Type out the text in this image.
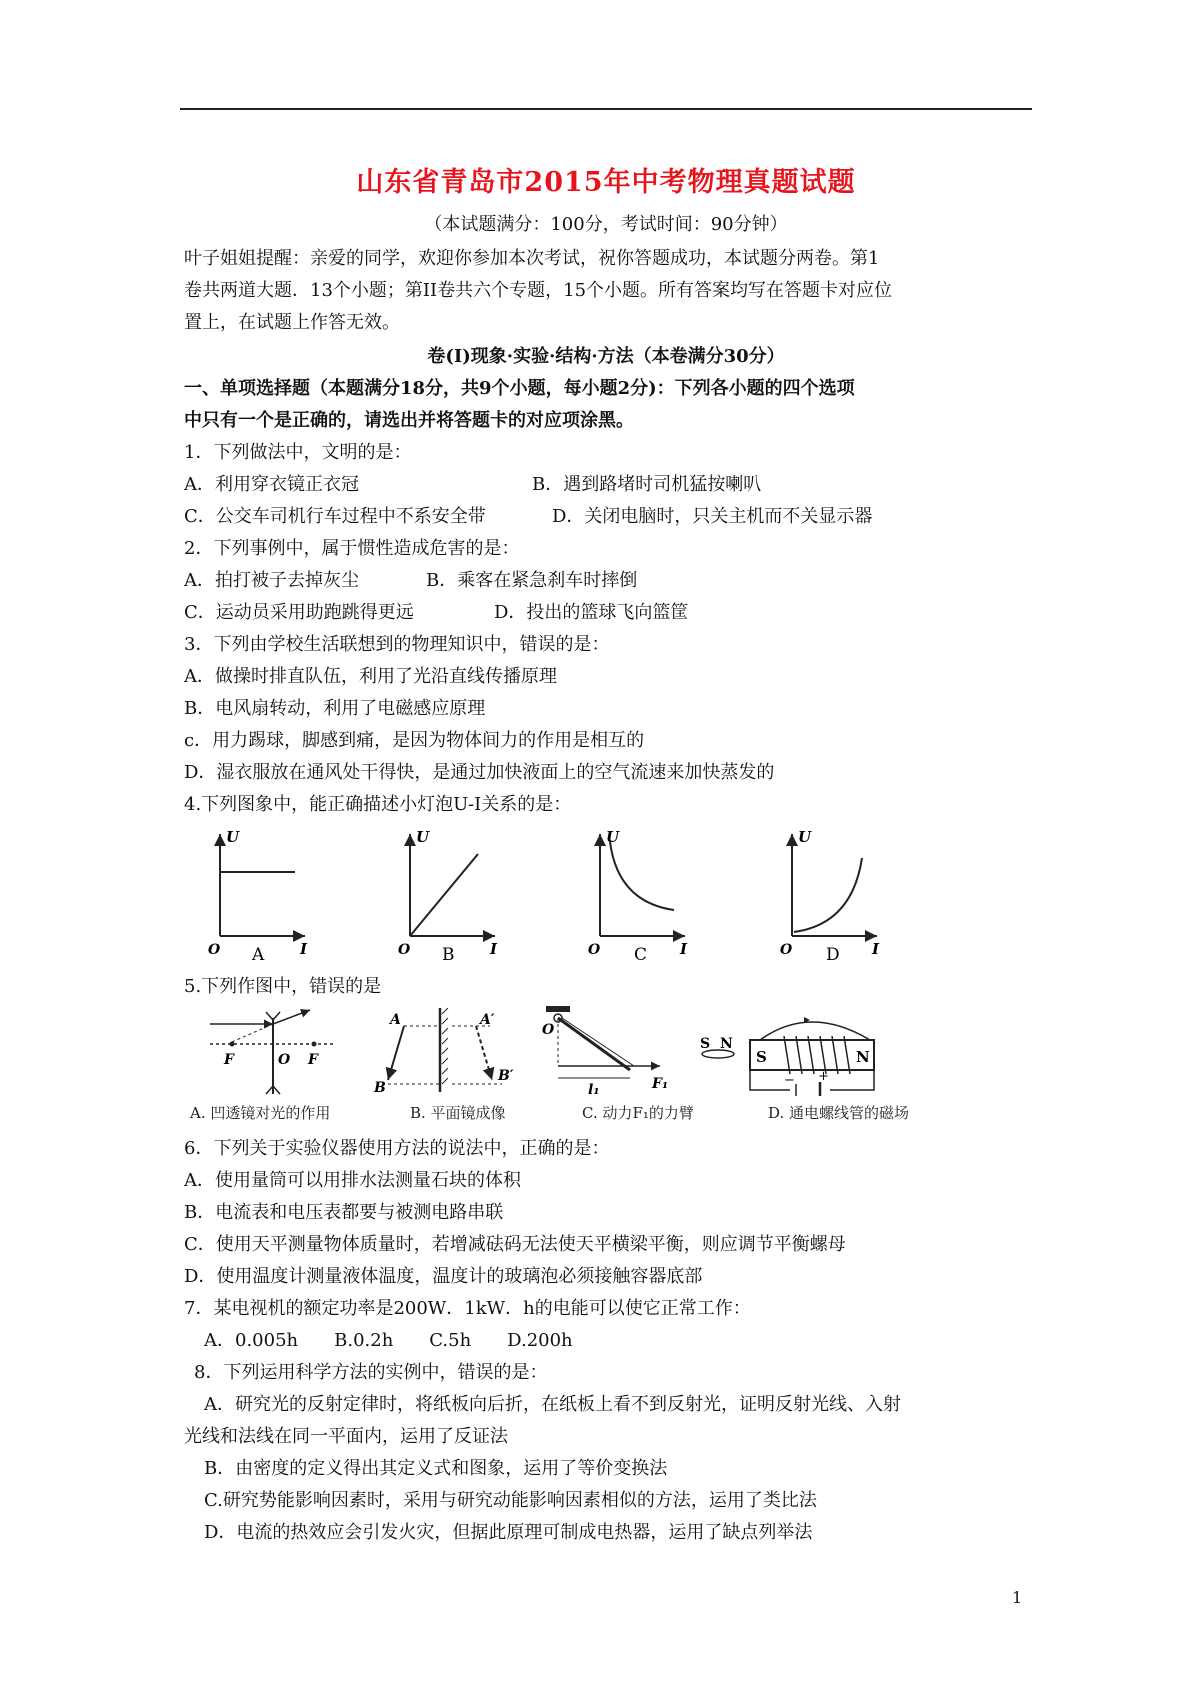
山东省青岛市2015年中考物理真题试题
（本试题满分：100分，考试时间：90分钟）
叶子姐姐提醒：亲爱的同学，欢迎你参加本次考试，祝你答题成功，本试题分两卷。第1
卷共两道大题．13个小题；第II卷共六个专题，15个小题。所有答案均写在答题卡对应位
置上，在试题上作答无效。
卷(I)现象·实验·结构·方法（本卷满分30分）
一、单项选择题（本题满分18分，共9个小题，每小题2分)：下列各小题的四个选项
中只有一个是正确的，请选出并将答题卡的对应项涂黑。
1．下列做法中，文明的是：
A．利用穿衣镜正衣冠	B．遇到路堵时司机猛按喇叭
C．公交车司机行车过程中不系安全带	D．关闭电脑时，只关主机而不关显示器
2．下列事例中，属于惯性造成危害的是：
A．拍打被子去掉灰尘	B．乘客在紧急刹车时摔倒
C．运动员采用助跑跳得更远	D．投出的篮球飞向篮筐
3．下列由学校生活联想到的物理知识中，错误的是：
A．做操时排直队伍，利用了光沿直线传播原理
B．电风扇转动，利用了电磁感应原理
c．用力踢球，脚感到痛，是因为物体间力的作用是相互的
D．湿衣服放在通风处干得快，是通过加快液面上的空气流速来加快蒸发的
4.下列图象中，能正确描述小灯泡U-I关系的是：
U
O	I
A
U
O	I
B
U
O	I
C
U
O	I
D
5.下列作图中，错误的是
F	O F
A	A′
B
B′
O
l₁	F₁
S N
S	N
− +
A. 凹透镜对光的作用	B. 平面镜成像	C. 动力F₁的力臂	D. 通电螺线管的磁场
6．下列关于实验仪器使用方法的说法中，正确的是：
A．使用量筒可以用排水法测量石块的体积
B．电流表和电压表都要与被测电路串联
C．使用天平测量物体质量时，若增减砝码无法使天平横梁平衡，则应调节平衡螺母
D．使用温度计测量液体温度，温度计的玻璃泡必须接触容器底部
7．某电视机的额定功率是200W．1kW．h的电能可以使它正常工作：
A．0.005h　　B.0.2h　　C.5h　　D.200h
8．下列运用科学方法的实例中，错误的是：
A．研究光的反射定律时，将纸板向后折，在纸板上看不到反射光，证明反射光线、入射
光线和法线在同一平面内，运用了反证法
B．由密度的定义得出其定义式和图象，运用了等价变换法
C.研究势能影响因素时，采用与研究动能影响因素相似的方法，运用了类比法
D．电流的热效应会引发火灾，但据此原理可制成电热器，运用了缺点列举法
1
